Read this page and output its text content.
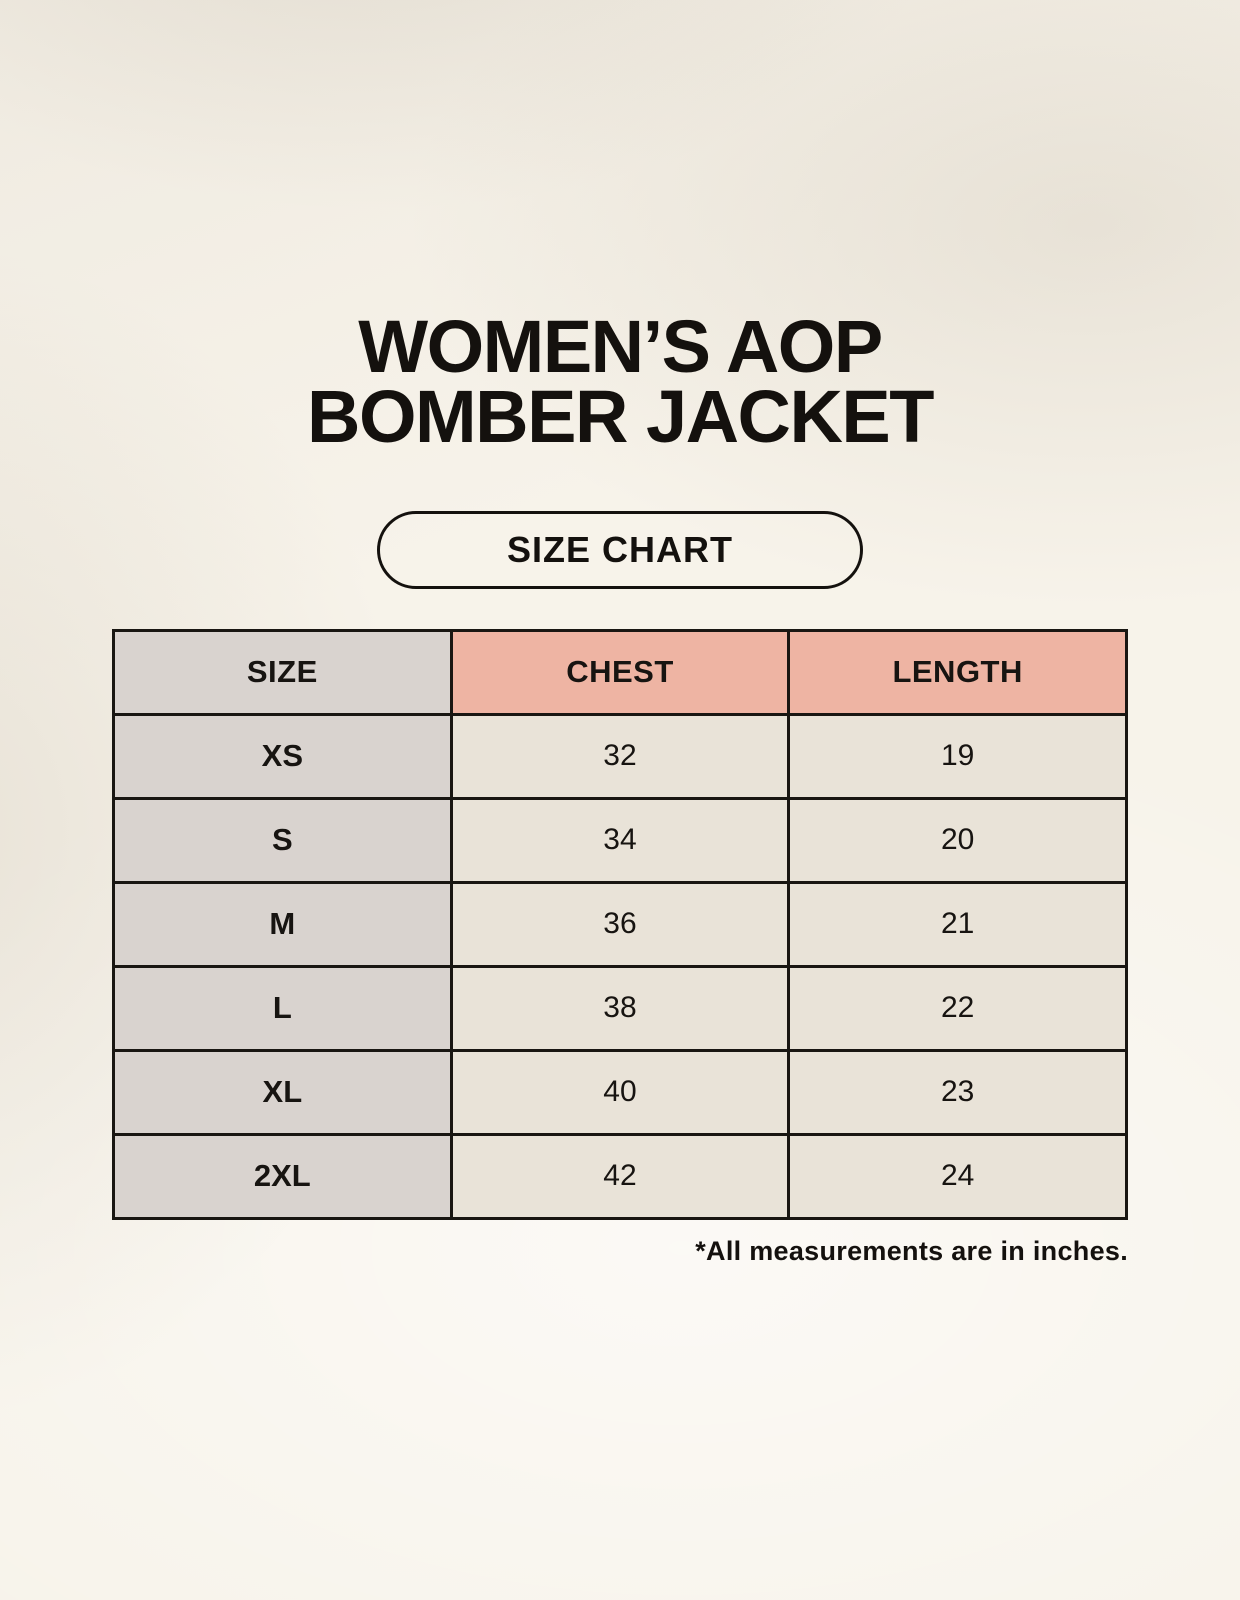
WOMEN’S AOP
BOMBER JACKET
SIZE CHART
SIZE	CHEST	LENGTH
XS	32	19
S	34	20
M	36	21
L	38	22
XL	40	23
2XL	42	24
*All measurements are in inches.
